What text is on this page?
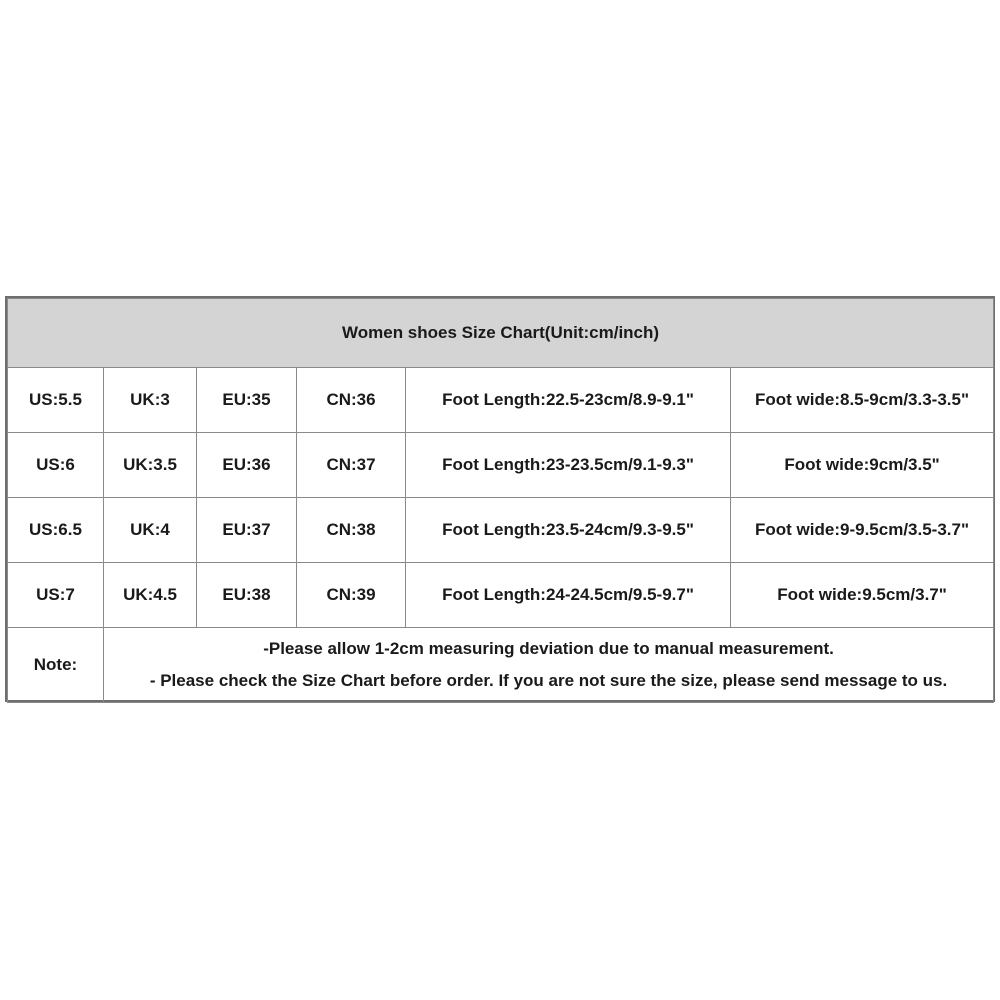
Women shoes Size Chart(Unit:cm/inch)					
US:5.5	UK:3	EU:35	CN:36	Foot Length:22.5-23cm/8.9-9.1"	Foot wide:8.5-9cm/3.3-3.5"
US:6	UK:3.5	EU:36	CN:37	Foot Length:23-23.5cm/9.1-9.3"	Foot wide:9cm/3.5"
US:6.5	UK:4	EU:37	CN:38	Foot Length:23.5-24cm/9.3-9.5"	Foot wide:9-9.5cm/3.5-3.7"
US:7	UK:4.5	EU:38	CN:39	Foot Length:24-24.5cm/9.5-9.7"	Foot wide:9.5cm/3.7"
Note:	-Please allow 1-2cm measuring deviation due to manual measurement.
- Please check the Size Chart before order. If you are not sure the size, please send message to us.				
